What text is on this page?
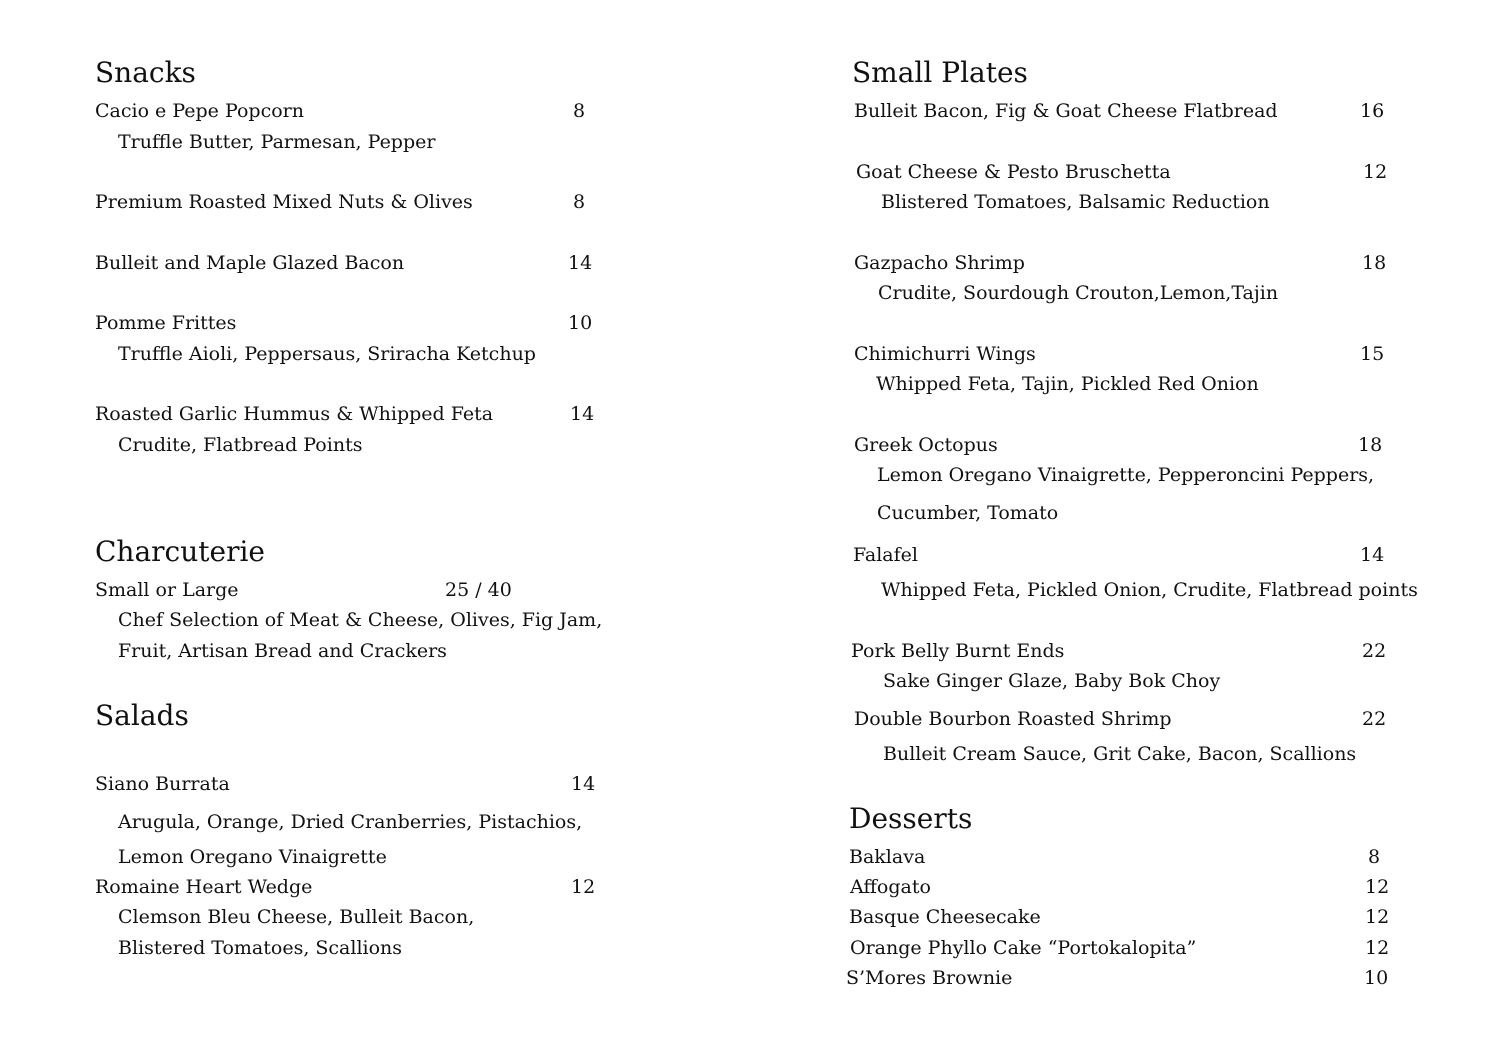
Snacks
Cacio e Pepe Popcorn	8
Truffle Butter, Parmesan, Pepper
Premium Roasted Mixed Nuts & Olives	8
Bulleit and Maple Glazed Bacon	14
Pomme Frittes	10
Truffle Aioli, Peppersaus, Sriracha Ketchup
Roasted Garlic Hummus & Whipped Feta	14
Crudite, Flatbread Points
Charcuterie
Small or Large	25 / 40
Chef Selection of Meat & Cheese, Olives, Fig Jam,
Fruit, Artisan Bread and Crackers
Salads
Siano Burrata	14
Arugula, Orange, Dried Cranberries, Pistachios,
Lemon Oregano Vinaigrette
Romaine Heart Wedge	12
Clemson Bleu Cheese, Bulleit Bacon,
Blistered Tomatoes, Scallions
Small Plates
Bulleit Bacon, Fig & Goat Cheese Flatbread	16
Goat Cheese & Pesto Bruschetta	12
Blistered Tomatoes, Balsamic Reduction
Gazpacho Shrimp	18
Crudite, Sourdough Crouton,Lemon,Tajin
Chimichurri Wings	15
Whipped Feta, Tajin, Pickled Red Onion
Greek Octopus	18
Lemon Oregano Vinaigrette, Pepperoncini Peppers,
Cucumber, Tomato
Falafel	14
Whipped Feta, Pickled Onion, Crudite, Flatbread points
Pork Belly Burnt Ends	22
Sake Ginger Glaze, Baby Bok Choy
Double Bourbon Roasted Shrimp	22
Bulleit Cream Sauce, Grit Cake, Bacon, Scallions
Desserts
Baklava	8
Affogato	12
Basque Cheesecake	12
Orange Phyllo Cake “Portokalopita”	12
S’Mores Brownie	10
